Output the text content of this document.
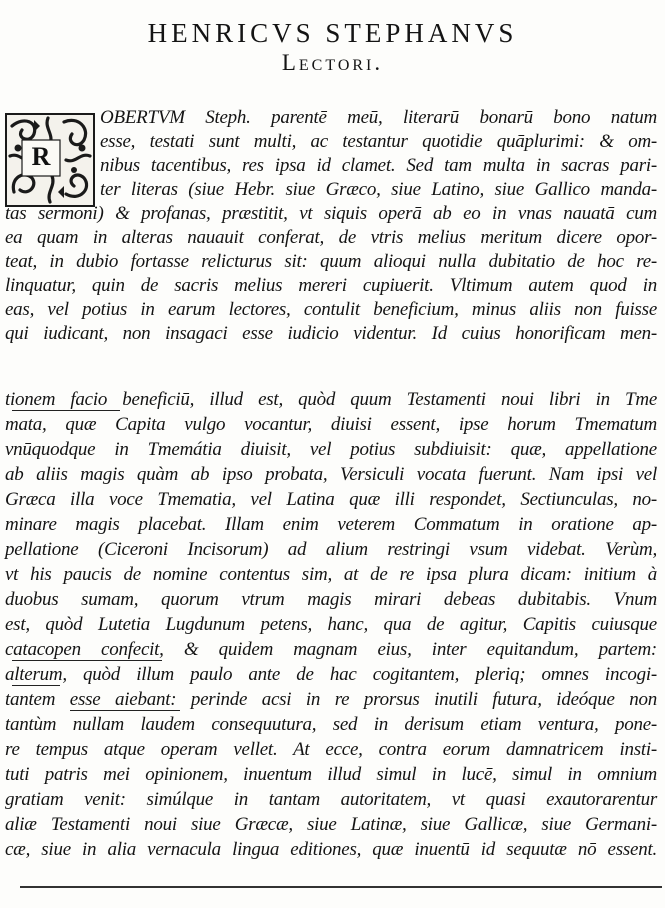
HENRICVS STEPHANVS
Lectori.
R
OBERTVM Steph. parentē meū, literarū bonarū bono natum
esse, testati sunt multi, ac testantur quotidie quāplurimi: & om-
nibus tacentibus, res ipsa id clamet. Sed tam multa in sacras pari-
ter literas (siue Hebr. siue Græco, siue Latino, siue Gallico manda-
tas sermoni) & profanas, præstitit, vt siquis operā ab eo in vnas nauatā cum
ea quam in alteras nauauit conferat, de vtris melius meritum dicere opor-
teat, in dubio fortasse relicturus sit: quum alioqui nulla dubitatio de hoc re-
linquatur, quin de sacris melius mereri cupiuerit. Vltimum autem quod in
eas, vel potius in earum lectores, contulit beneficium, minus aliis non fuisse
qui iudicant, non insagaci esse iudicio videntur. Id cuius honorificam men-
tionem facio beneficiū, illud est, quòd quum Testamenti noui libri in Tme
mata, quæ Capita vulgo vocantur, diuisi essent, ipse horum Tmematum
vnūquodque in Tmemátia diuisit, vel potius subdiuisit: quæ, appellatione
ab aliis magis quàm ab ipso probata, Versiculi vocata fuerunt. Nam ipsi vel
Græca illa voce Tmematia, vel Latina quæ illi respondet, Sectiunculas, no-
minare magis placebat. Illam enim veterem Commatum in oratione ap-
pellatione (Ciceroni Incisorum) ad alium restringi vsum videbat. Verùm,
vt his paucis de nomine contentus sim, at de re ipsa plura dicam: initium à
duobus sumam, quorum vtrum magis mirari debeas dubitabis. Vnum
est, quòd Lutetia Lugdunum petens, hanc, qua de agitur, Capitis cuiusque
catacopen confecit, & quidem magnam eius, inter equitandum, partem:
alterum, quòd illum paulo ante de hac cogitantem, pleriq; omnes incogi-
tantem esse aiebant: perinde acsi in re prorsus inutili futura, ideóque non
tantùm nullam laudem consequutura, sed in derisum etiam ventura, pone-
re tempus atque operam vellet. At ecce, contra eorum damnatricem insti-
tuti patris mei opinionem, inuentum illud simul in lucē, simul in omnium
gratiam venit: simúlque in tantam autoritatem, vt quasi exautorarentur
aliæ Testamenti noui siue Græcæ, siue Latinæ, siue Gallicæ, siue Germani-
cæ, siue in alia vernacula lingua editiones, quæ inuentū id sequutæ nō essent.
